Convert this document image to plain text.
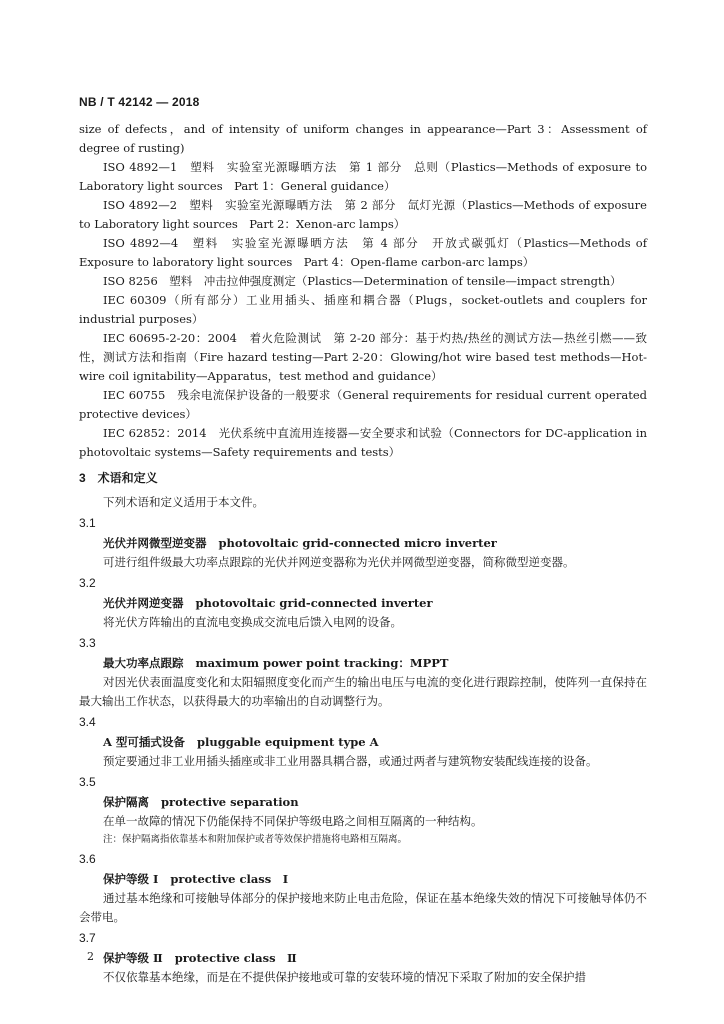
NB / T 42142 — 2018

size of defects，and of intensity of uniform changes in appearance—Part 3：Assessment of degree of rusting)

ISO 4892—1　塑料　实验室光源曝晒方法　第 1 部分　总则（Plastics—Methods of exposure to Laboratory light sources　Part 1：General guidance）

ISO 4892—2　塑料　实验室光源曝晒方法　第 2 部分　氙灯光源（Plastics—Methods of exposure to Laboratory light sources　Part 2：Xenon-arc lamps）

ISO 4892—4　塑料　实验室光源曝晒方法　第 4 部分　开放式碳弧灯（Plastics—Methods of Exposure to laboratory light sources　Part 4：Open-flame carbon-arc lamps）

ISO 8256　塑料　冲击拉伸强度测定（Plastics—Determination of tensile—impact strength）

IEC 60309（所有部分）工业用插头、插座和耦合器（Plugs，socket-outlets and couplers for industrial purposes）

IEC 60695-2-20：2004　着火危险测试　第 2-20 部分：基于灼热/热丝的测试方法—热丝引燃——致性，测试方法和指南（Fire hazard testing—Part 2-20：Glowing/hot wire based test methods—Hot-wire coil ignitability—Apparatus，test method and guidance）

IEC 60755　残余电流保护设备的一般要求（General requirements for residual current operated protective devices）

IEC 62852：2014　光伏系统中直流用连接器—安全要求和试验（Connectors for DC-application in photovoltaic systems—Safety requirements and tests）

3　术语和定义

下列术语和定义适用于本文件。

3.1

光伏并网微型逆变器 photovoltaic grid-connected micro inverter

可进行组件级最大功率点跟踪的光伏并网逆变器称为光伏并网微型逆变器，简称微型逆变器。

3.2

光伏并网逆变器 photovoltaic grid-connected inverter

将光伏方阵输出的直流电变换成交流电后馈入电网的设备。

3.3

最大功率点跟踪 maximum power point tracking：MPPT

对因光伏表面温度变化和太阳辐照度变化而产生的输出电压与电流的变化进行跟踪控制，使阵列一直保持在最大输出工作状态，以获得最大的功率输出的自动调整行为。

3.4

A 型可插式设备 pluggable equipment type A

预定要通过非工业用插头插座或非工业用器具耦合器，或通过两者与建筑物安装配线连接的设备。

3.5

保护隔离 protective separation

在单一故障的情况下仍能保持不同保护等级电路之间相互隔离的一种结构。

注：保护隔离指依靠基本和附加保护或者等效保护措施将电路相互隔离。

3.6

保护等级 Ⅰ protective class　Ⅰ

通过基本绝缘和可接触导体部分的保护接地来防止电击危险，保证在基本绝缘失效的情况下可接触导体仍不会带电。

3.7

保护等级 Ⅱ protective class　Ⅱ

不仅依靠基本绝缘，而是在不提供保护接地或可靠的安装环境的情况下采取了附加的安全保护措

2
